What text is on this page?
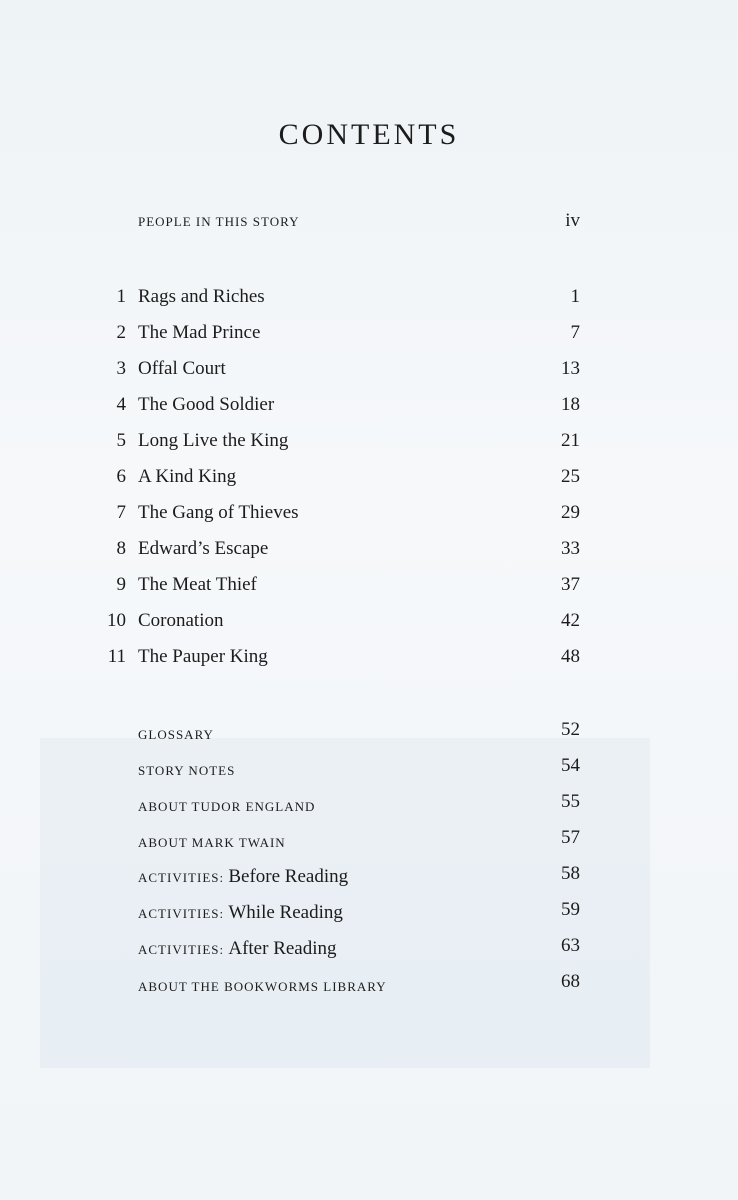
CONTENTS
PEOPLE IN THIS STORY	iv
1 Rags and Riches	1
2 The Mad Prince	7
3 Offal Court	13
4 The Good Soldier	18
5 Long Live the King	21
6 A Kind King	25
7 The Gang of Thieves	29
8 Edward’s Escape	33
9 The Meat Thief	37
10 Coronation	42
11 The Pauper King	48
GLOSSARY	52
STORY NOTES	54
ABOUT TUDOR ENGLAND	55
ABOUT MARK TWAIN	57
ACTIVITIES: Before Reading	58
ACTIVITIES: While Reading	59
ACTIVITIES: After Reading	63
ABOUT THE BOOKWORMS LIBRARY	68
